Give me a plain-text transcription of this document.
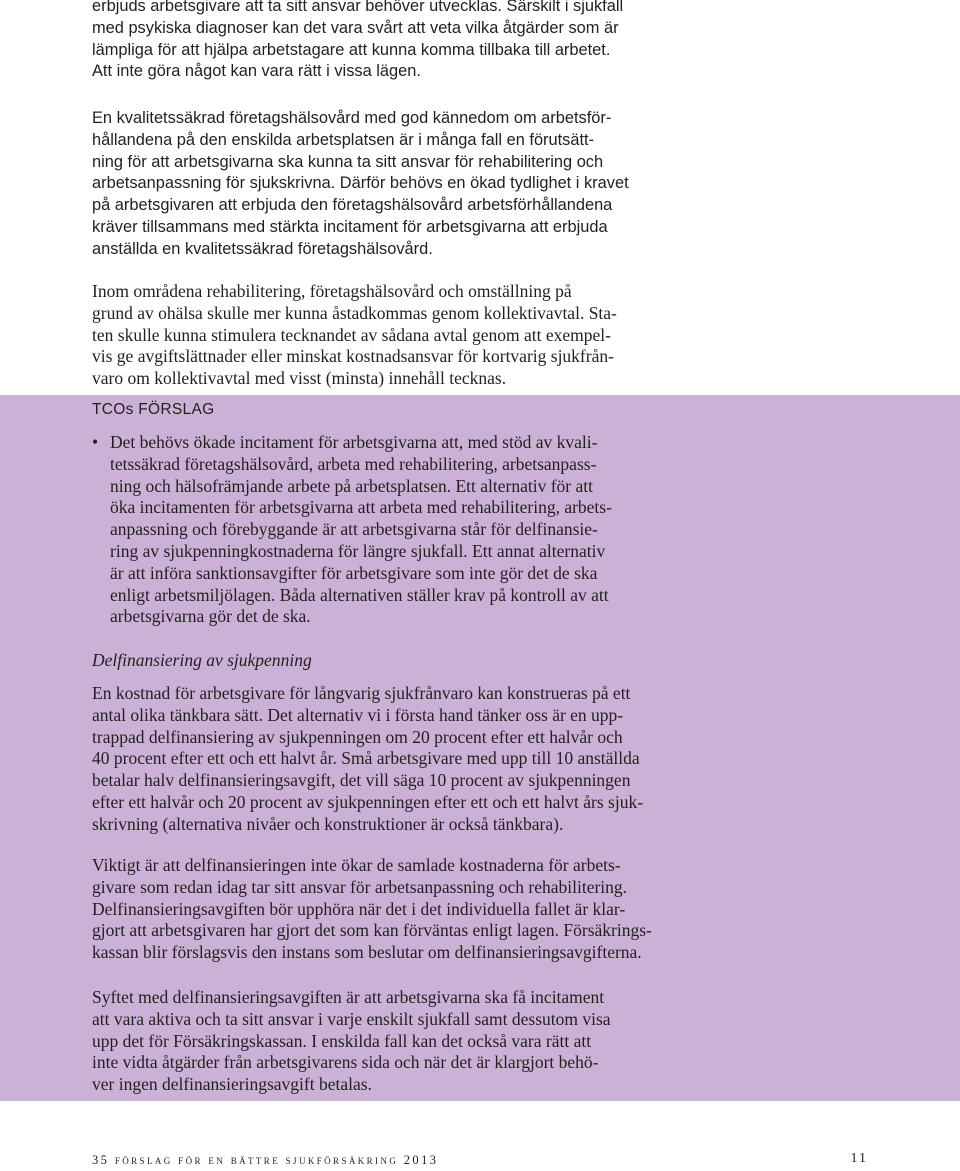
erbjuds arbetsgivare att ta sitt ansvar behöver utvecklas. Särskilt i sjukfall
med psykiska diagnoser kan det vara svårt att veta vilka åtgärder som är
lämpliga för att hjälpa arbetstagare att kunna komma tillbaka till arbetet.
Att inte göra något kan vara rätt i vissa lägen.
En kvalitetssäkrad företagshälsovård med god kännedom om arbetsför-
hållandena på den enskilda arbetsplatsen är i många fall en förutsätt-
ning för att arbetsgivarna ska kunna ta sitt ansvar för rehabilitering och
arbetsanpassning för sjukskrivna. Därför behövs en ökad tydlighet i kravet
på arbetsgivaren att erbjuda den företagshälsovård arbetsförhållandena
kräver tillsammans med stärkta incitament för arbetsgivarna att erbjuda
anställda en kvalitetssäkrad företagshälsovård.
Inom områdena rehabilitering, företagshälsovård och omställning på
grund av ohälsa skulle mer kunna åstadkommas genom kollektivavtal. Sta-
ten skulle kunna stimulera tecknandet av sådana avtal genom att exempel-
vis ge avgiftslättnader eller minskat kostnadsansvar för kortvarig sjukfrån-
varo om kollektivavtal med visst (minsta) innehåll tecknas.
TCOs FÖRSLAG
• Det behövs ökade incitament för arbetsgivarna att, med stöd av kvali-
tetssäkrad företagshälsovård, arbeta med rehabilitering, arbetsanpass-
ning och hälsofrämjande arbete på arbetsplatsen. Ett alternativ för att
öka incitamenten för arbetsgivarna att arbeta med rehabilitering, arbets-
anpassning och förebyggande är att arbetsgivarna står för delfinansie-
ring av sjukpenningkostnaderna för längre sjukfall. Ett annat alternativ
är att införa sanktionsavgifter för arbetsgivare som inte gör det de ska
enligt arbetsmiljölagen. Båda alternativen ställer krav på kontroll av att
arbetsgivarna gör det de ska.
Delfinansiering av sjukpenning
En kostnad för arbetsgivare för långvarig sjukfrånvaro kan konstrueras på ett
antal olika tänkbara sätt. Det alternativ vi i första hand tänker oss är en upp-
trappad delfinansiering av sjukpenningen om 20 procent efter ett halvår och
40 procent efter ett och ett halvt år. Små arbetsgivare med upp till 10 anställda
betalar halv delfinansieringsavgift, det vill säga 10 procent av sjukpenningen
efter ett halvår och 20 procent av sjukpenningen efter ett och ett halvt års sjuk-
skrivning (alternativa nivåer och konstruktioner är också tänkbara).
Viktigt är att delfinansieringen inte ökar de samlade kostnaderna för arbets-
givare som redan idag tar sitt ansvar för arbetsanpassning och rehabilitering.
Delfinansieringsavgiften bör upphöra när det i det individuella fallet är klar-
gjort att arbetsgivaren har gjort det som kan förväntas enligt lagen. Försäkrings-
kassan blir förslagsvis den instans som beslutar om delfinansieringsavgifterna.
Syftet med delfinansieringsavgiften är att arbetsgivarna ska få incitament
att vara aktiva och ta sitt ansvar i varje enskilt sjukfall samt dessutom visa
upp det för Försäkringskassan. I enskilda fall kan det också vara rätt att
inte vidta åtgärder från arbetsgivarens sida och när det är klargjort behö-
ver ingen delfinansieringsavgift betalas.
35 förslag för en bättre sjukförsäkring 2013	11
